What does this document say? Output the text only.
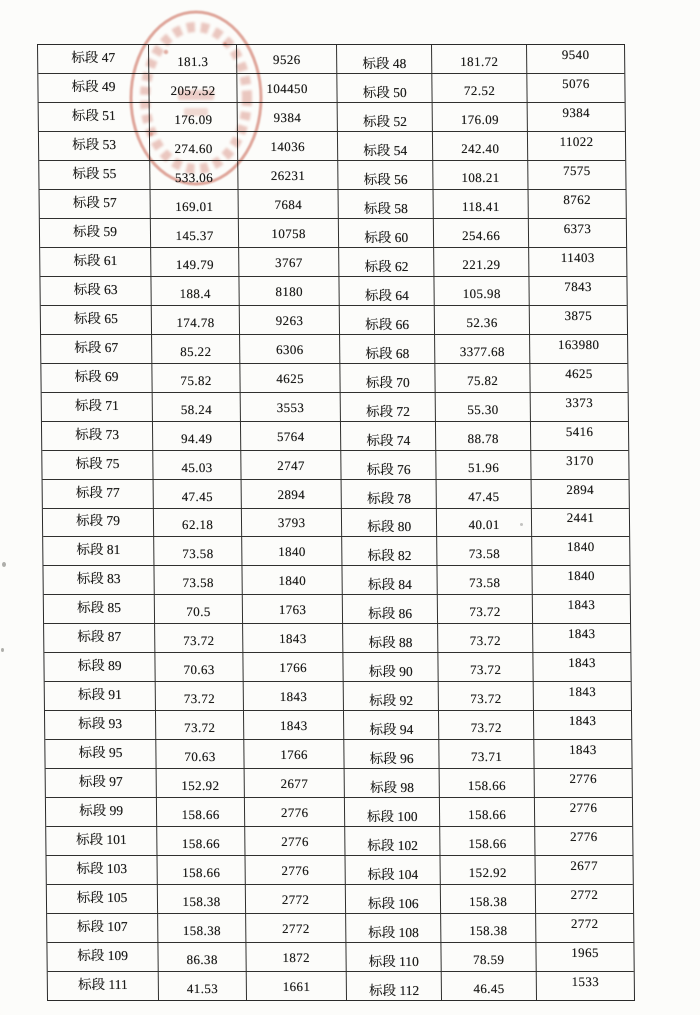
标段 47	181.3	9526	标段 48	181.72	9540
标段 49	2057.52	104450	标段 50	72.52	5076
标段 51	176.09	9384	标段 52	176.09	9384
标段 53	274.60	14036	标段 54	242.40	11022
标段 55	533.06	26231	标段 56	108.21	7575
标段 57	169.01	7684	标段 58	118.41	8762
标段 59	145.37	10758	标段 60	254.66	6373
标段 61	149.79	3767	标段 62	221.29	11403
标段 63	188.4	8180	标段 64	105.98	7843
标段 65	174.78	9263	标段 66	52.36	3875
标段 67	85.22	6306	标段 68	3377.68	163980
标段 69	75.82	4625	标段 70	75.82	4625
标段 71	58.24	3553	标段 72	55.30	3373
标段 73	94.49	5764	标段 74	88.78	5416
标段 75	45.03	2747	标段 76	51.96	3170
标段 77	47.45	2894	标段 78	47.45	2894
标段 79	62.18	3793	标段 80	40.01	2441
标段 81	73.58	1840	标段 82	73.58	1840
标段 83	73.58	1840	标段 84	73.58	1840
标段 85	70.5	1763	标段 86	73.72	1843
标段 87	73.72	1843	标段 88	73.72	1843
标段 89	70.63	1766	标段 90	73.72	1843
标段 91	73.72	1843	标段 92	73.72	1843
标段 93	73.72	1843	标段 94	73.72	1843
标段 95	70.63	1766	标段 96	73.71	1843
标段 97	152.92	2677	标段 98	158.66	2776
标段 99	158.66	2776	标段 100	158.66	2776
标段 101	158.66	2776	标段 102	158.66	2776
标段 103	158.66	2776	标段 104	152.92	2677
标段 105	158.38	2772	标段 106	158.38	2772
标段 107	158.38	2772	标段 108	158.38	2772
标段 109	86.38	1872	标段 110	78.59	1965
标段 111	41.53	1661	标段 112	46.45	1533
